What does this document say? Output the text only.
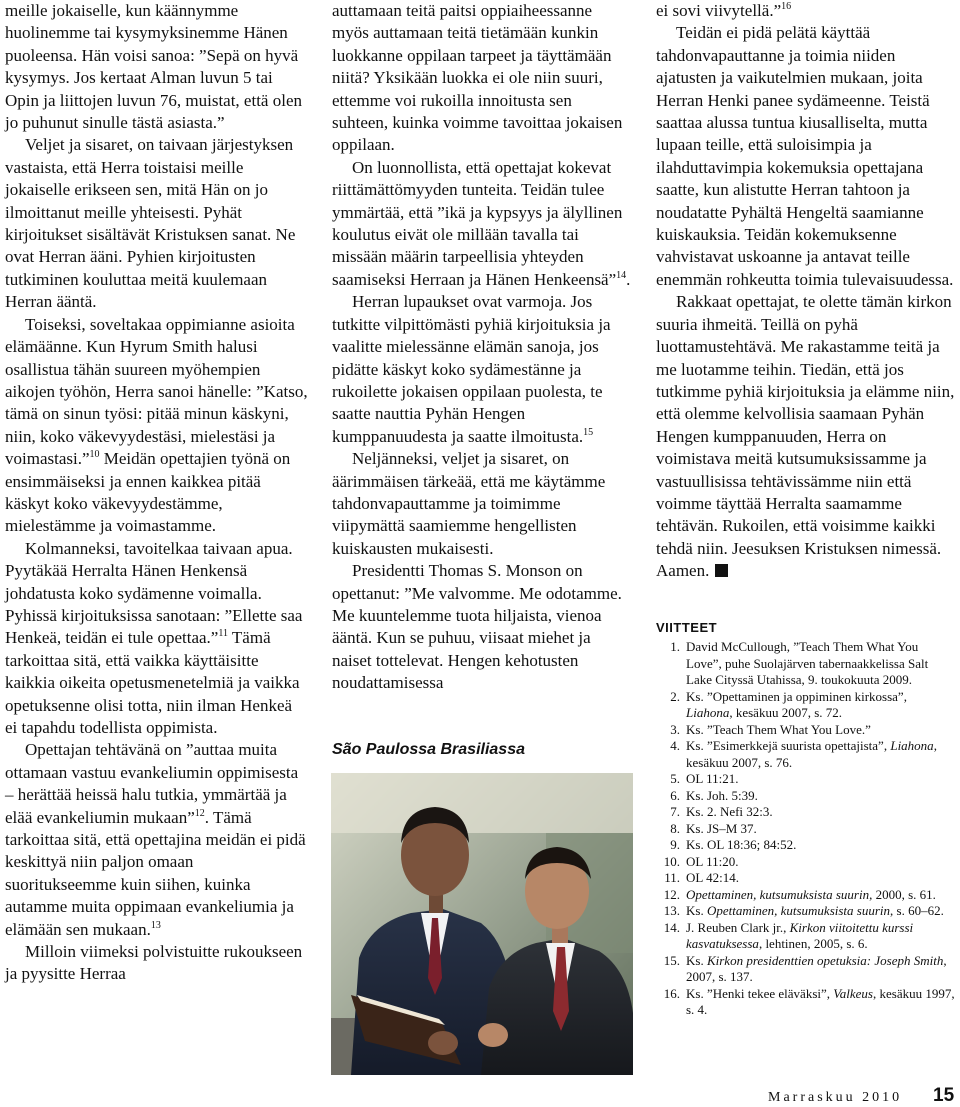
meille jokaiselle, kun käännymme huolinemme tai kysymyksinemme Hänen puoleensa. Hän voisi sanoa: ”Sepä on hyvä kysymys. Jos kertaat Alman luvun 5 tai Opin ja liittojen luvun 76, muistat, että olen jo puhunut sinulle tästä asiasta.”

Veljet ja sisaret, on taivaan järjestyksen vastaista, että Herra toistaisi meille jokaiselle erikseen sen, mitä Hän on jo ilmoittanut meille yhteisesti. Pyhät kirjoitukset sisältävät Kristuksen sanat. Ne ovat Herran ääni. Pyhien kirjoitusten tutkiminen kouluttaa meitä kuulemaan Herran ääntä.

Toiseksi, soveltakaa oppimianne asioita elämäänne. Kun Hyrum Smith halusi osallistua tähän suureen myöhempien aikojen työhön, Herra sanoi hänelle: ”Katso, tämä on sinun työsi: pitää minun käskyni, niin, koko väkevyydestäsi, mielestäsi ja voimastasi.”$^{10}$ Meidän opettajien työnä on ensimmäiseksi ja ennen kaikkea pitää käskyt koko väkevyydestämme, mielestämme ja voimastamme.

Kolmanneksi, tavoitelkaa taivaan apua. Pyytäkää Herralta Hänen Henkensä johdatusta koko sydämenne voimalla. Pyhissä kirjoituksissa sanotaan: ”Ellette saa Henkeä, teidän ei tule opettaa.”$^{11}$ Tämä tarkoittaa sitä, että vaikka käyttäisitte kaikkia oikeita opetusmenetelmiä ja vaikka opetuksenne olisi totta, niin ilman Henkeä ei tapahdu todellista oppimista.

Opettajan tehtävänä on ”auttaa muita ottamaan vastuu evankeliumin oppimisesta – herättää heissä halu tutkia, ymmärtää ja elää evankeliumin mukaan”$^{12}$. Tämä tarkoittaa sitä, että opettajina meidän ei pidä keskittyä niin paljon omaan suoritukseemme kuin siihen, kuinka autamme muita oppimaan evankeliumia ja elämään sen mukaan.$^{13}$

Milloin viimeksi polvistuitte rukoukseen ja pyysitte Herraa

auttamaan teitä paitsi oppiaiheessanne myös auttamaan teitä tietämään kunkin luokkanne oppilaan tarpeet ja täyttämään niitä? Yksikään luokka ei ole niin suuri, ettemme voi rukoilla innoitusta sen suhteen, kuinka voimme tavoittaa jokaisen oppilaan.

On luonnollista, että opettajat kokevat riittämättömyyden tunteita. Teidän tulee ymmärtää, että ”ikä ja kypsyys ja älyllinen koulutus eivät ole millään tavalla tai missään määrin tarpeellisia yhteyden saamiseksi Herraan ja Hänen Henkeensä”$^{14}$.

Herran lupaukset ovat varmoja. Jos tutkitte vilpittömästi pyhiä kirjoituksia ja vaalitte mielessänne elämän sanoja, jos pidätte käskyt koko sydämestänne ja rukoilette jokaisen oppilaan puolesta, te saatte nauttia Pyhän Hengen kumppanuudesta ja saatte ilmoitusta.$^{15}$

Neljänneksi, veljet ja sisaret, on äärimmäisen tärkeää, että me käytämme tahdonvapauttamme ja toimimme viipymättä saamiemme hengellisten kuiskausten mukaisesti.

Presidentti Thomas S. Monson on opettanut: ”Me valvomme. Me odotamme. Me kuuntelemme tuota hiljaista, vienoa ääntä. Kun se puhuu, viisaat miehet ja naiset tottelevat. Hengen kehotusten noudattamisessa

ei sovi viivytellä.”$^{16}$

Teidän ei pidä pelätä käyttää tahdonvapauttanne ja toimia niiden ajatusten ja vaikutelmien mukaan, joita Herran Henki panee sydämeenne. Teistä saattaa alussa tuntua kiusalliselta, mutta lupaan teille, että suloisimpia ja ilahduttavimpia kokemuksia opettajana saatte, kun alistutte Herran tahtoon ja noudatatte Pyhältä Hengeltä saamianne kuiskauksia. Teidän kokemuksenne vahvistavat uskoanne ja antavat teille enemmän rohkeutta toimia tulevaisuudessa.

Rakkaat opettajat, te olette tämän kirkon suuria ihmeitä. Teillä on pyhä luottamustehtävä. Me rakastamme teitä ja me luotamme teihin. Tiedän, että jos tutkimme pyhiä kirjoituksia ja elämme niin, että olemme kelvollisia saamaan Pyhän Hengen kumppanuuden, Herra on voimistava meitä kutsumuksissamme ja vastuullisissa tehtävissämme niin että voimme täyttää Herralta saamamme tehtävän. Rukoilen, että voisimme kaikki tehdä niin. Jeesuksen Kristuksen nimessä. Aamen.

São Paulossa Brasiliassa

VIITTEET

1. David McCullough, ”Teach Them What You Love”, puhe Suolajärven tabernaakkelissa Salt Lake Cityssä Utahissa, 9. toukokuuta 2009.
2. Ks. ”Opettaminen ja oppiminen kirkossa”, Liahona, kesäkuu 2007, s. 72.
3. Ks. ”Teach Them What You Love.”
4. Ks. ”Esimerkkejä suurista opettajista”, Liahona, kesäkuu 2007, s. 76.
5. OL 11:21.
6. Ks. Joh. 5:39.
7. Ks. 2. Nefi 32:3.
8. Ks. JS–M 37.
9. Ks. OL 18:36; 84:52.
10. OL 11:20.
11. OL 42:14.
12. Opettaminen, kutsumuksista suurin, 2000, s. 61.
13. Ks. Opettaminen, kutsumuksista suurin, s. 60–62.
14. J. Reuben Clark jr., Kirkon viitoitettu kurssi kasvatuksessa, lehtinen, 2005, s. 6.
15. Ks. Kirkon presidenttien opetuksia: Joseph Smith, 2007, s. 137.
16. Ks. ”Henki tekee eläväksi”, Valkeus, kesäkuu 1997, s. 4.
Marraskuu 2010 15
